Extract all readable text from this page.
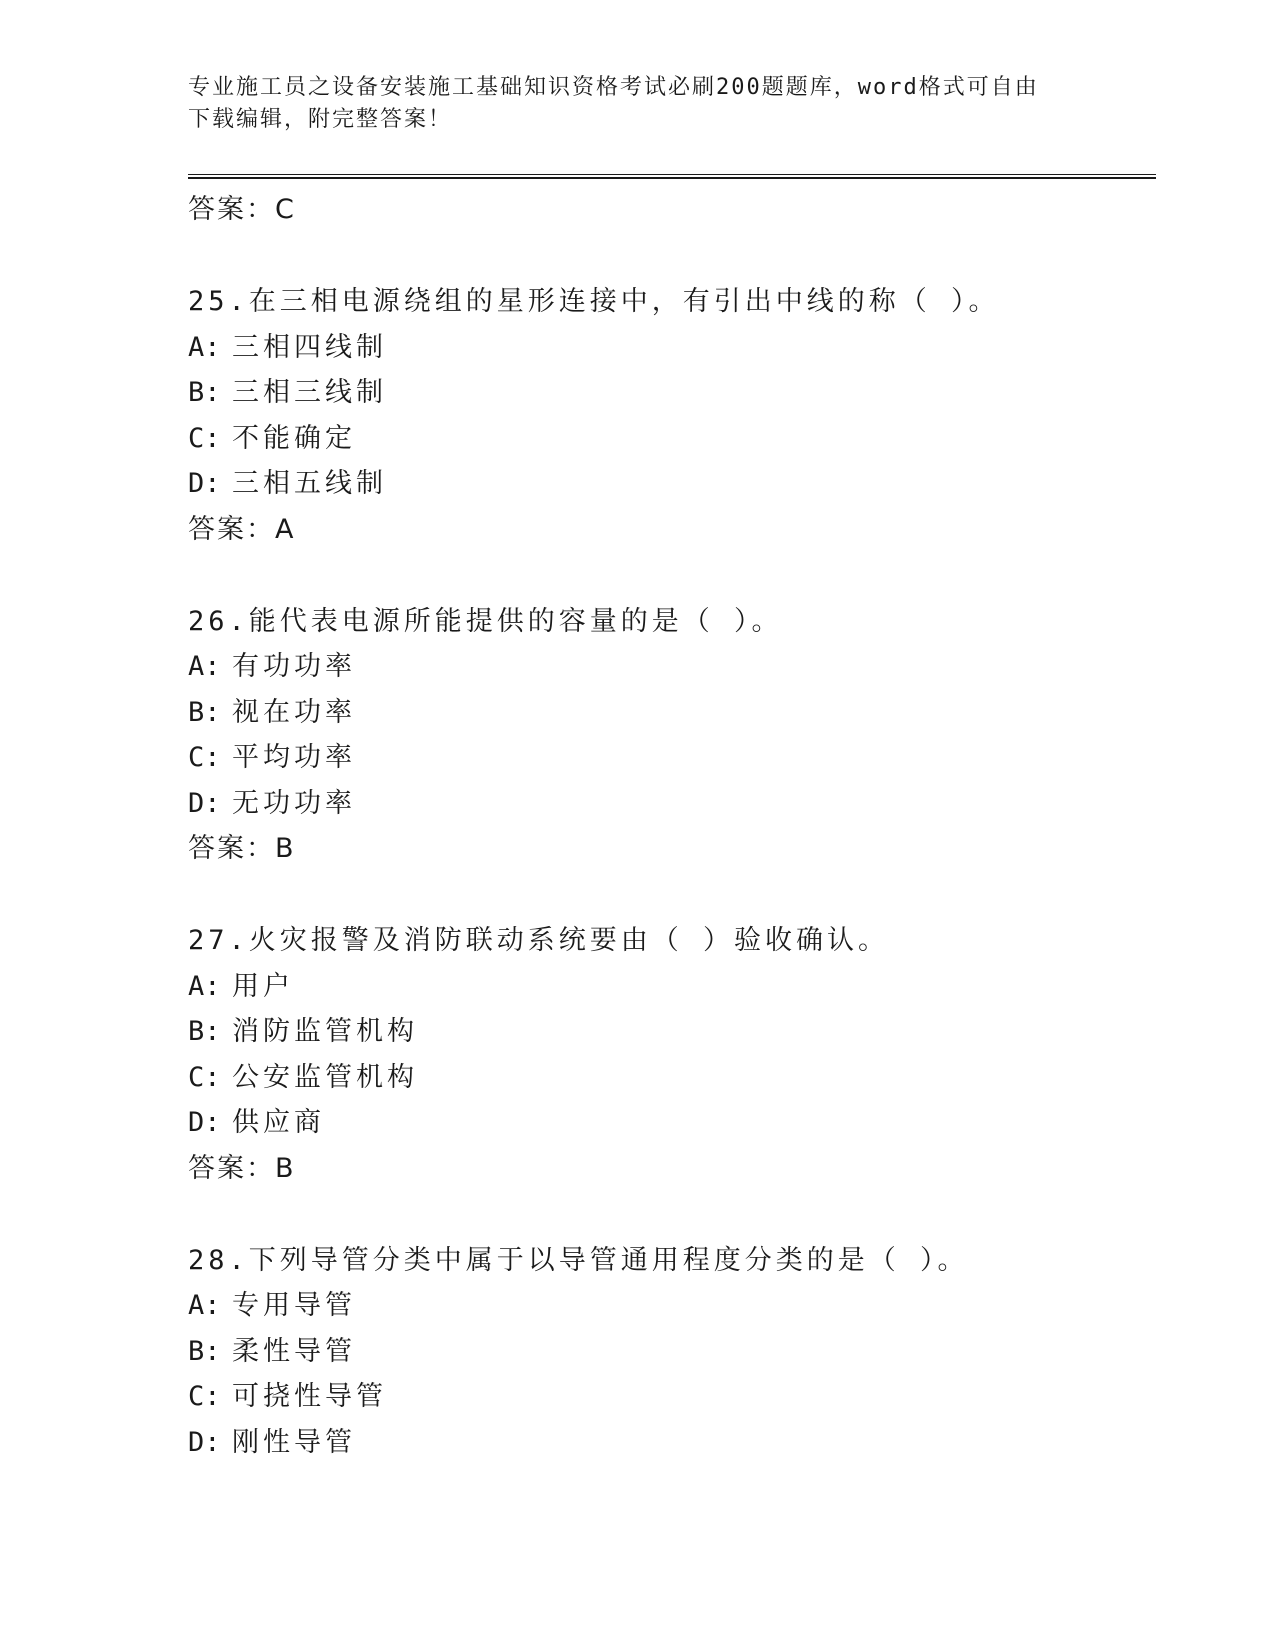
专业施工员之设备安装施工基础知识资格考试必刷200题题库，word格式可自由

下载编辑，附完整答案！

答案：C

25.在三相电源绕组的星形连接中，有引出中线的称（ ）。

A: 三相四线制

B: 三相三线制

C: 不能确定

D: 三相五线制

答案：A

26.能代表电源所能提供的容量的是（ ）。

A: 有功功率

B: 视在功率

C: 平均功率

D: 无功功率

答案：B

27.火灾报警及消防联动系统要由（ ）验收确认。

A: 用户

B: 消防监管机构

C: 公安监管机构

D: 供应商

答案：B

28.下列导管分类中属于以导管通用程度分类的是（ ）。

A: 专用导管

B: 柔性导管

C: 可挠性导管

D: 刚性导管
